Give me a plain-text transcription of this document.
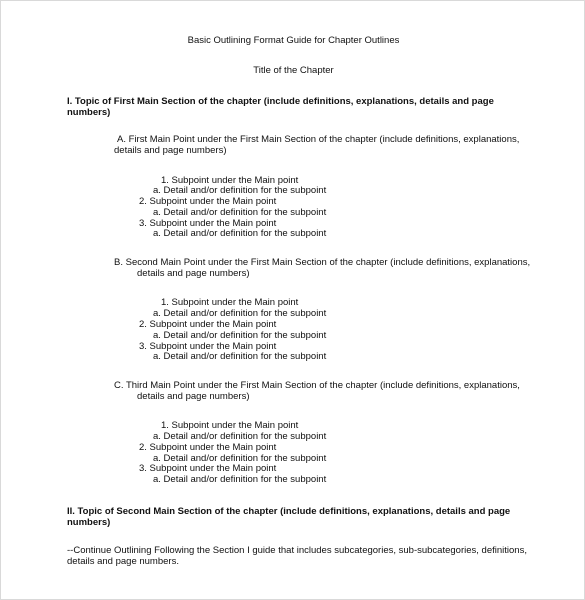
Basic Outlining Format Guide for Chapter Outlines
Title of the Chapter
I. Topic of First Main Section of the chapter (include definitions, explanations, details and page
numbers)
A. First Main Point under the First Main Section of the chapter (include definitions, explanations,
details and page numbers)
1. Subpoint under the Main point
a. Detail and/or definition for the subpoint
2. Subpoint under the Main point
a. Detail and/or definition for the subpoint
3. Subpoint under the Main point
a. Detail and/or definition for the subpoint
B. Second Main Point under the First Main Section of the chapter (include definitions, explanations,
details and page numbers)
1. Subpoint under the Main point
a. Detail and/or definition for the subpoint
2. Subpoint under the Main point
a. Detail and/or definition for the subpoint
3. Subpoint under the Main point
a. Detail and/or definition for the subpoint
C. Third Main Point under the First Main Section of the chapter (include definitions, explanations,
details and page numbers)
1. Subpoint under the Main point
a. Detail and/or definition for the subpoint
2. Subpoint under the Main point
a. Detail and/or definition for the subpoint
3. Subpoint under the Main point
a. Detail and/or definition for the subpoint
II. Topic of Second Main Section of the chapter (include definitions, explanations, details and page
numbers)
--Continue Outlining Following the Section I guide that includes subcategories, sub-subcategories, definitions,
details and page numbers.
